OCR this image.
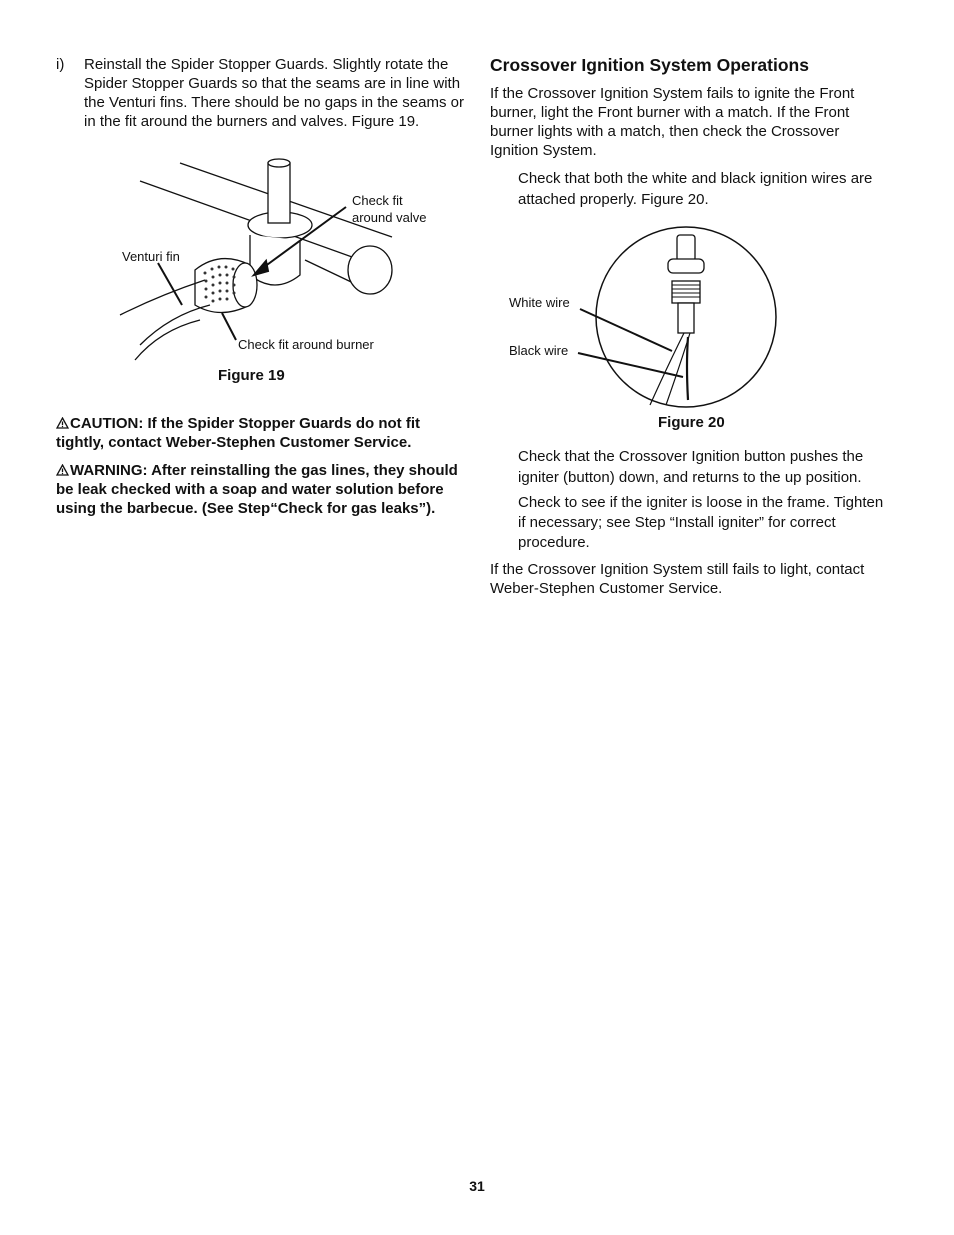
i)	Reinstall the Spider Stopper Guards. Slightly rotate the Spider Stopper Guards so that the seams are in line with the Venturi fins. There should be no gaps in the seams or in the fit around the burners and valves. Figure 19.
Check fit
around valve
Venturi fin
Check fit around burner
Figure 19

CAUTION: If the Spider Stopper Guards do not fit tightly, contact Weber-Stephen Customer Service.

WARNING: After reinstalling the gas lines, they should be leak checked with a soap and water solution before using the barbecue. (See Step“Check for gas leaks”).

Crossover Ignition System Operations

If the Crossover Ignition System fails to ignite the Front burner, light the Front burner with a match. If the Front burner lights with a match, then check the Crossover Ignition System.

Check that both the white and black ignition wires are attached properly. Figure 20.

White wire
Black wire
Figure 20

Check that the Crossover Ignition button pushes the igniter (button) down, and returns to the up position.

Check to see if the igniter is loose in the frame. Tighten if necessary; see Step “Install igniter” for correct procedure.

If the Crossover Ignition System still fails to light, contact Weber-Stephen Customer Service.

31
